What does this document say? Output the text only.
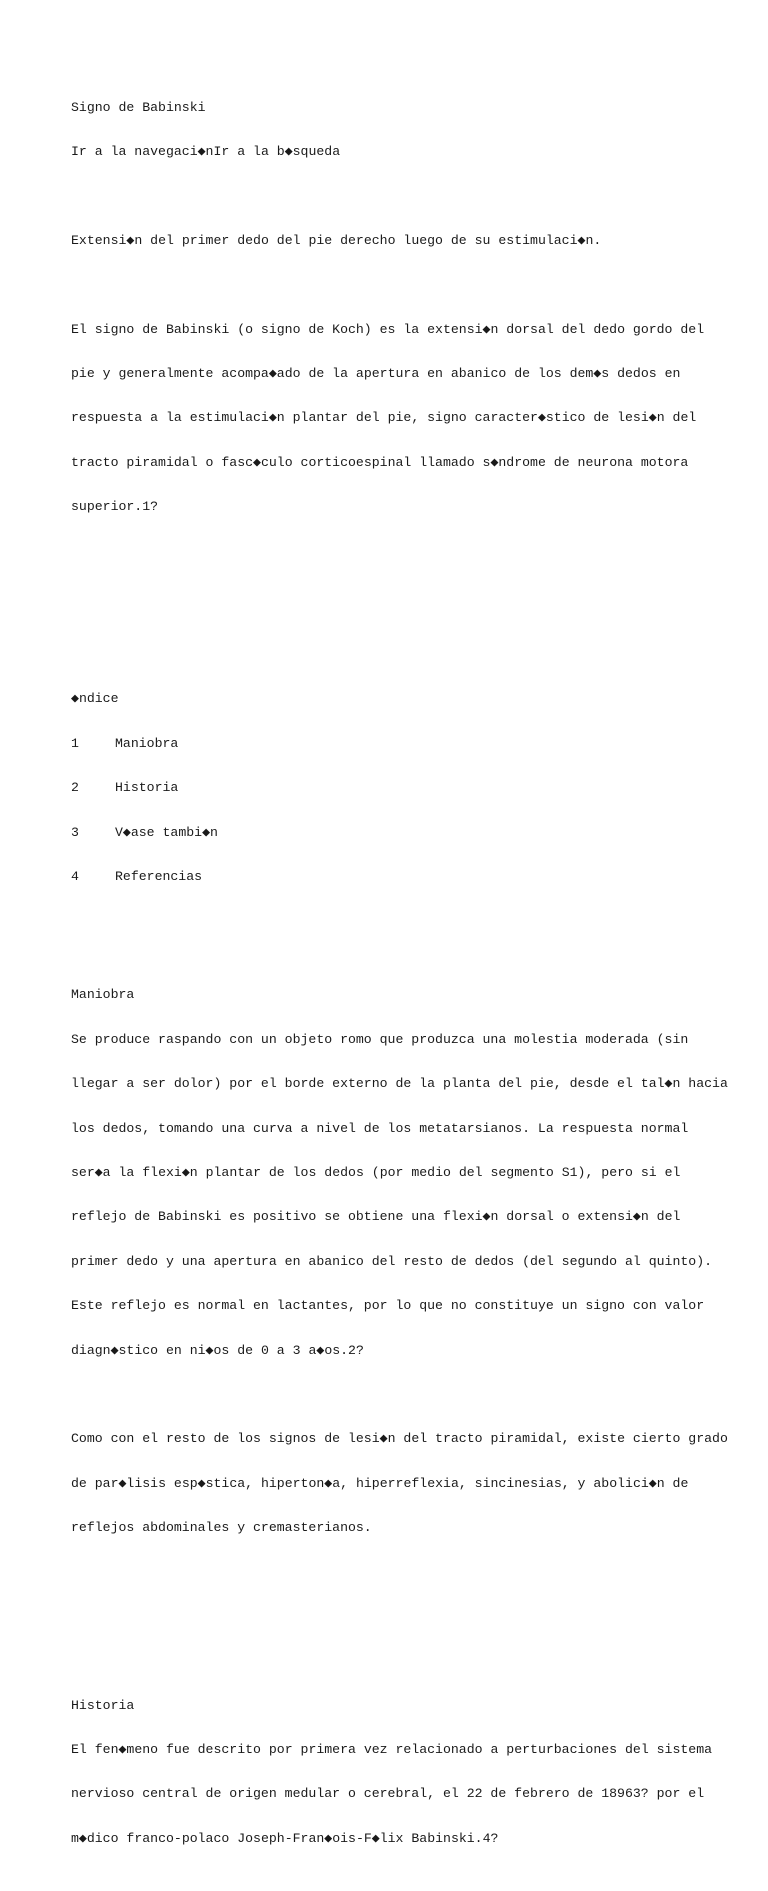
Signo de Babinski

Ir a la navegaci◆nIr a la b◆squeda

Extensi◆n del primer dedo del pie derecho luego de su estimulaci◆n.

El signo de Babinski (o signo de Koch) es la extensi◆n dorsal del dedo gordo del

pie y generalmente acompa◆ado de la apertura en abanico de los dem◆s dedos en

respuesta a la estimulaci◆n plantar del pie, signo caracter◆stico de lesi◆n del

tracto piramidal o fasc◆culo corticoespinal llamado s◆ndrome de neurona motora

superior.1?

◆ndice

1	Maniobra

2	Historia

3	V◆ase tambi◆n

4	Referencias

Maniobra

Se produce raspando con un objeto romo que produzca una molestia moderada (sin

llegar a ser dolor) por el borde externo de la planta del pie, desde el tal◆n hacia

los dedos, tomando una curva a nivel de los metatarsianos. La respuesta normal

ser◆a la flexi◆n plantar de los dedos (por medio del segmento S1), pero si el

reflejo de Babinski es positivo se obtiene una flexi◆n dorsal o extensi◆n del

primer dedo y una apertura en abanico del resto de dedos (del segundo al quinto).

Este reflejo es normal en lactantes, por lo que no constituye un signo con valor

diagn◆stico en ni◆os de 0 a 3 a◆os.2?

Como con el resto de los signos de lesi◆n del tracto piramidal, existe cierto grado

de par◆lisis esp◆stica, hiperton◆a, hiperreflexia, sincinesias, y abolici◆n de

reflejos abdominales y cremasterianos.

Historia

El fen◆meno fue descrito por primera vez relacionado a perturbaciones del sistema

nervioso central de origen medular o cerebral, el 22 de febrero de 18963? por el

m◆dico franco-polaco Joseph-Fran◆ois-F◆lix Babinski.4?
